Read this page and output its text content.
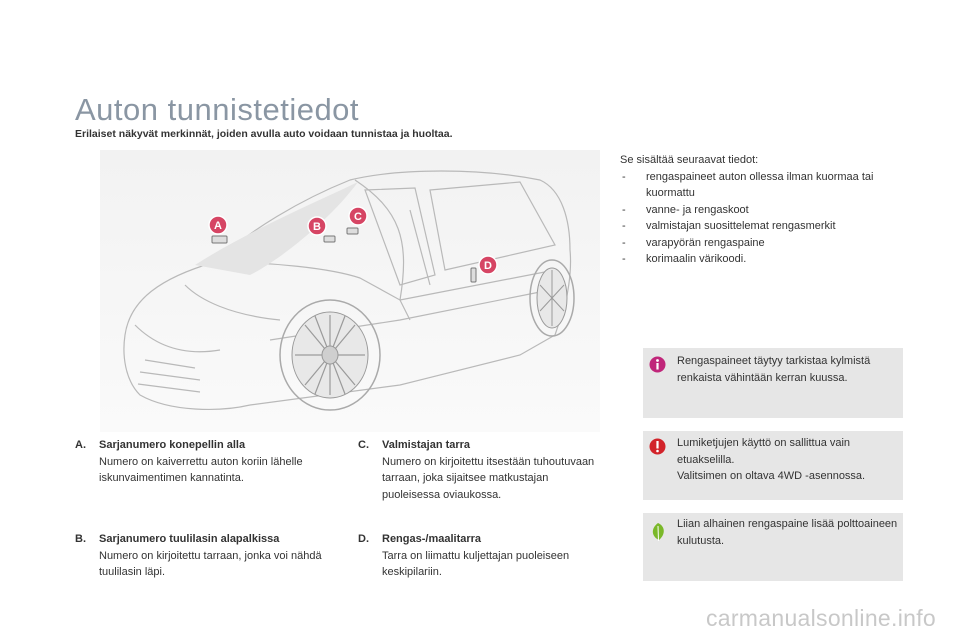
Auton tunnistetiedot
Erilaiset näkyvät merkinnät, joiden avulla auto voidaan tunnistaa ja huoltaa.
A	B
C
D
Se sisältää seuraavat tiedot:
- rengaspaineet auton ollessa ilman kuormaa tai kuormattu
- vanne- ja rengaskoot
- valmistajan suosittelemat rengasmerkit
- varapyörän rengaspaine
- korimaalin värikoodi.
Rengaspaineet täytyy tarkistaa kylmistä renkaista vähintään kerran kuussa.
Lumiketjujen käyttö on sallittua vain etuakselilla.
Valitsimen on oltava 4WD -asennossa.
Liian alhainen rengaspaine lisää polttoaineen kulutusta.
A. Sarjanumero konepellin alla
Numero on kaiverrettu auton koriin lähelle iskunvaimentimen kannatinta.
B. Sarjanumero tuulilasin alapalkissa
Numero on kirjoitettu tarraan, jonka voi nähdä tuulilasin läpi.
C. Valmistajan tarra
Numero on kirjoitettu itsestään tuhoutuvaan tarraan, joka sijaitsee matkustajan puoleisessa oviaukossa.
D. Rengas-/maalitarra
Tarra on liimattu kuljettajan puoleiseen keskipilariin.
carmanualsonline.info
